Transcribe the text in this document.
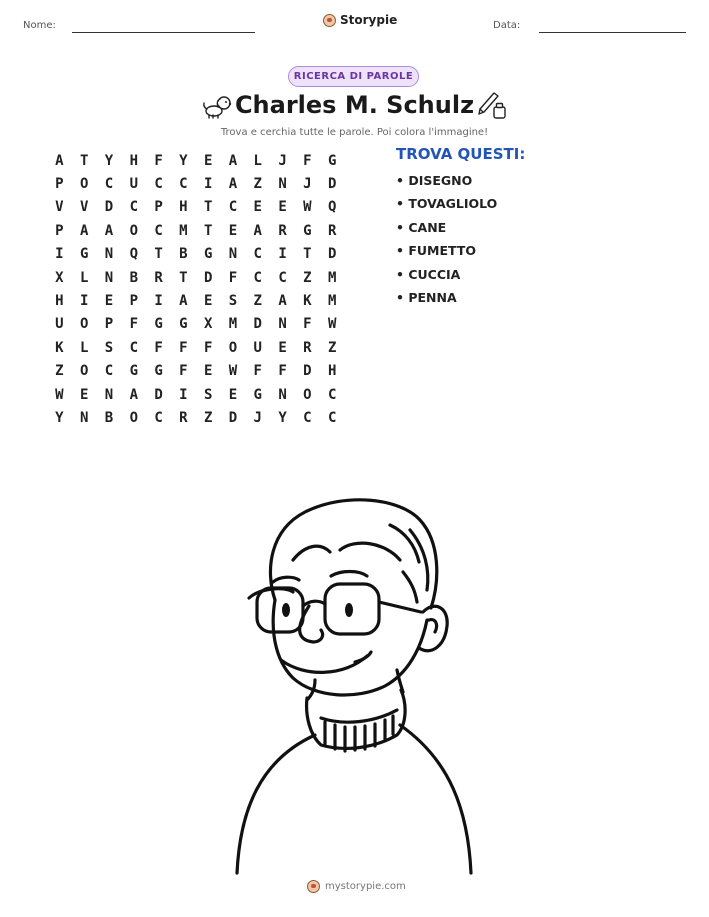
Nome:	Storypie	Data:
RICERCA DI PAROLE
Charles M. Schulz
Trova e cerchia tutte le parole. Poi colora l'immagine!
A	T	Y	H	F	Y	E	A	L	J	F	G
P	O	C	U	C	C	I	A	Z	N	J	D
V	V	D	C	P	H	T	C	E	E	W	Q
P	A	A	O	C	M	T	E	A	R	G	R
I	G	N	Q	T	B	G	N	C	I	T	D
X	L	N	B	R	T	D	F	C	C	Z	M
H	I	E	P	I	A	E	S	Z	A	K	M
U	O	P	F	G	G	X	M	D	N	F	W
K	L	S	C	F	F	F	O	U	E	R	Z
Z	O	C	G	G	F	E	W	F	F	D	H
W	E	N	A	D	I	S	E	G	N	O	C
Y	N	B	O	C	R	Z	D	J	Y	C	C
TROVA QUESTI:
• DISEGNO
• TOVAGLIOLO
• CANE
• FUMETTO
• CUCCIA
• PENNA
mystorypie.com
